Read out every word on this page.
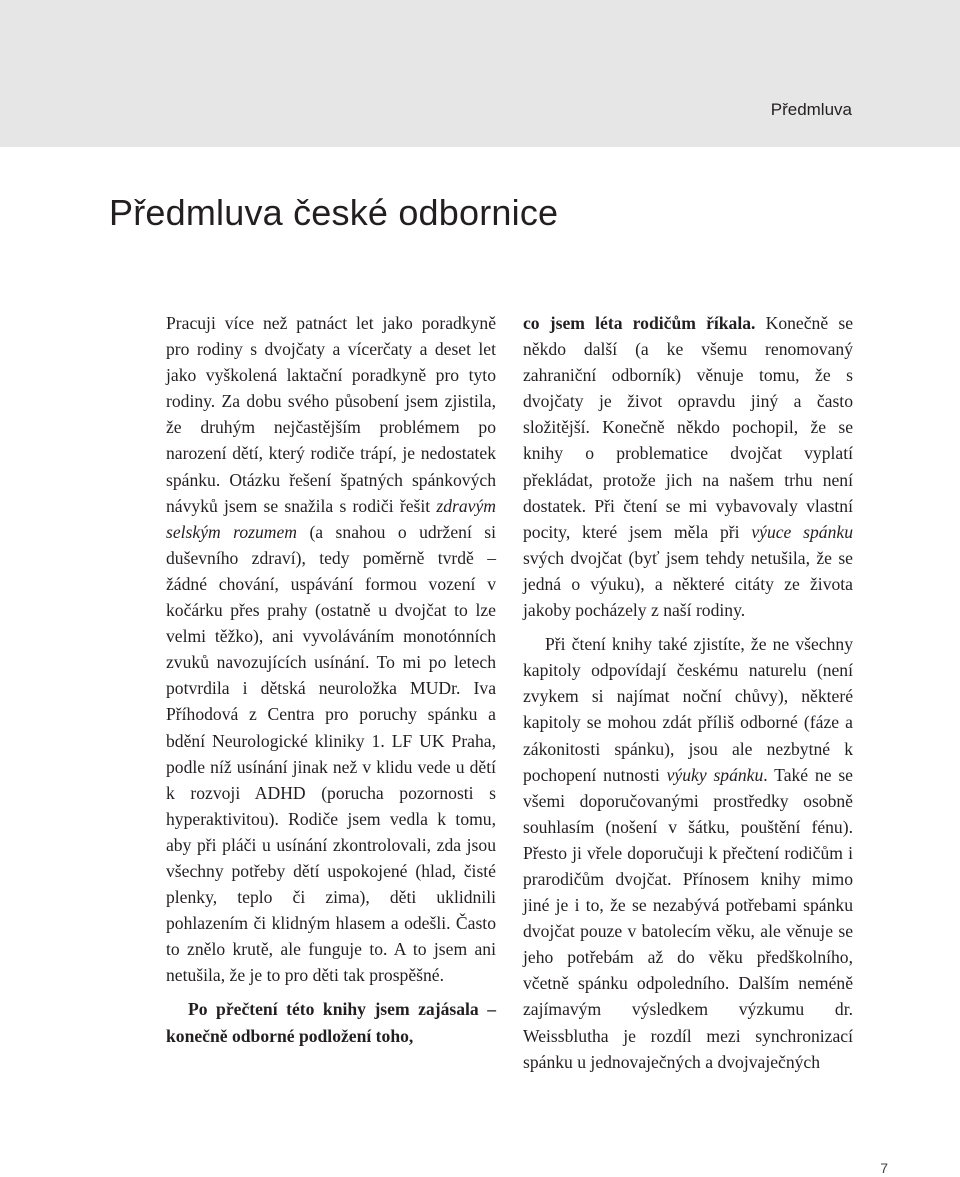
Předmluva
Předmluva české odbornice

Pracuji více než patnáct let jako poradkyně pro rodiny s dvojčaty a vícerčaty a deset let jako vyškolená laktační poradkyně pro tyto rodiny. Za dobu svého působení jsem zjistila, že druhým nejčastějším problémem po narození dětí, který rodiče trápí, je nedostatek spánku. Otázku řešení špatných spánkových návyků jsem se snažila s rodiči řešit zdravým selským rozumem (a snahou o udržení si duševního zdraví), tedy poměrně tvrdě – žádné chování, uspávání formou vození v kočárku přes prahy (ostatně u dvojčat to lze velmi těžko), ani vyvoláváním monotónních zvuků navozujících usínání. To mi po letech potvrdila i dětská neuroložka MUDr. Iva Příhodová z Centra pro poruchy spánku a bdění Neurologické kliniky 1. LF UK Praha, podle níž usínání jinak než v klidu vede u dětí k rozvoji ADHD (porucha pozornosti s hyperaktivitou). Rodiče jsem vedla k tomu, aby při pláči u usínání zkontrolovali, zda jsou všechny potřeby dětí uspokojené (hlad, čisté plenky, teplo či zima), děti uklidnili pohlazením či klidným hlasem a odešli. Často to znělo krutě, ale funguje to. A to jsem ani netušila, že je to pro děti tak prospěšné.

Po přečtení této knihy jsem zajásala – konečně odborné podložení toho,

co jsem léta rodičům říkala. Konečně se někdo další (a ke všemu renomovaný zahraniční odborník) věnuje tomu, že s dvojčaty je život opravdu jiný a často složitější. Konečně někdo pochopil, že se knihy o problematice dvojčat vyplatí překládat, protože jich na našem trhu není dostatek. Při čtení se mi vybavovaly vlastní pocity, které jsem měla při výuce spánku svých dvojčat (byť jsem tehdy netušila, že se jedná o výuku), a některé citáty ze života jakoby pocházely z naší rodiny.

Při čtení knihy také zjistíte, že ne všechny kapitoly odpovídají českému naturelu (není zvykem si najímat noční chůvy), některé kapitoly se mohou zdát příliš odborné (fáze a zákonitosti spánku), jsou ale nezbytné k pochopení nutnosti výuky spánku. Také ne se všemi doporučovanými prostředky osobně souhlasím (nošení v šátku, pouštění fénu). Přesto ji vřele doporučuji k přečtení rodičům i prarodičům dvojčat. Přínosem knihy mimo jiné je i to, že se nezabývá potřebami spánku dvojčat pouze v batolecím věku, ale věnuje se jeho potřebám až do věku předškolního, včetně spánku odpoledního. Dalším neméně zajímavým výsledkem výzkumu dr. Weissblutha je rozdíl mezi synchronizací spánku u jednovaječných a dvojvaječných

7
